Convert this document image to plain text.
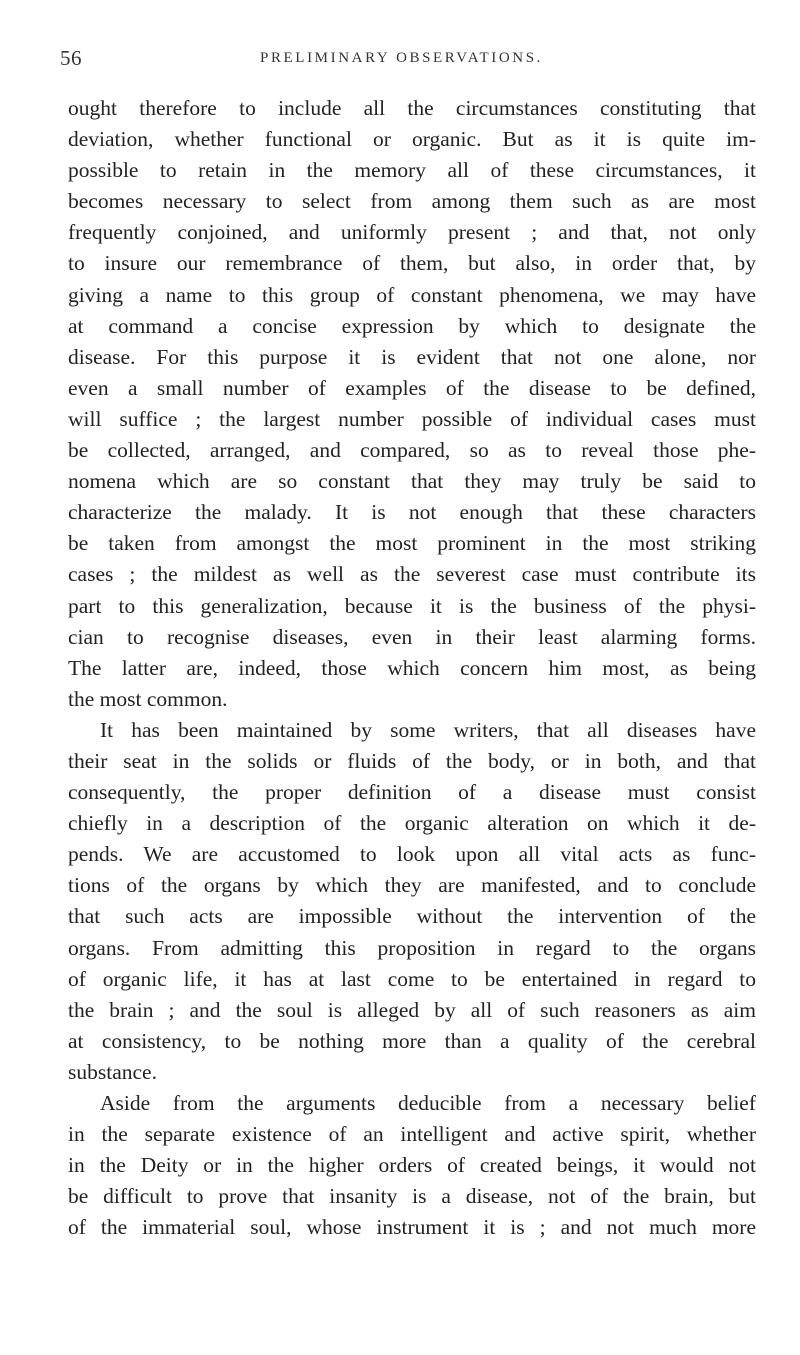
56	PRELIMINARY OBSERVATIONS.
ought therefore to include all the circumstances constituting that
deviation, whether functional or organic. But as it is quite im-
possible to retain in the memory all of these circumstances, it
becomes necessary to select from among them such as are most
frequently conjoined, and uniformly present ; and that, not only
to insure our remembrance of them, but also, in order that, by
giving a name to this group of constant phenomena, we may have
at command a concise expression by which to designate the
disease. For this purpose it is evident that not one alone, nor
even a small number of examples of the disease to be defined,
will suffice ; the largest number possible of individual cases must
be collected, arranged, and compared, so as to reveal those phe-
nomena which are so constant that they may truly be said to
characterize the malady. It is not enough that these characters
be taken from amongst the most prominent in the most striking
cases ; the mildest as well as the severest case must contribute its
part to this generalization, because it is the business of the physi-
cian to recognise diseases, even in their least alarming forms.
The latter are, indeed, those which concern him most, as being
the most common.
It has been maintained by some writers, that all diseases have
their seat in the solids or fluids of the body, or in both, and that
consequently, the proper definition of a disease must consist
chiefly in a description of the organic alteration on which it de-
pends. We are accustomed to look upon all vital acts as func-
tions of the organs by which they are manifested, and to conclude
that such acts are impossible without the intervention of the
organs. From admitting this proposition in regard to the organs
of organic life, it has at last come to be entertained in regard to
the brain ; and the soul is alleged by all of such reasoners as aim
at consistency, to be nothing more than a quality of the cerebral
substance.
Aside from the arguments deducible from a necessary belief
in the separate existence of an intelligent and active spirit, whether
in the Deity or in the higher orders of created beings, it would not
be difficult to prove that insanity is a disease, not of the brain, but
of the immaterial soul, whose instrument it is ; and not much more
